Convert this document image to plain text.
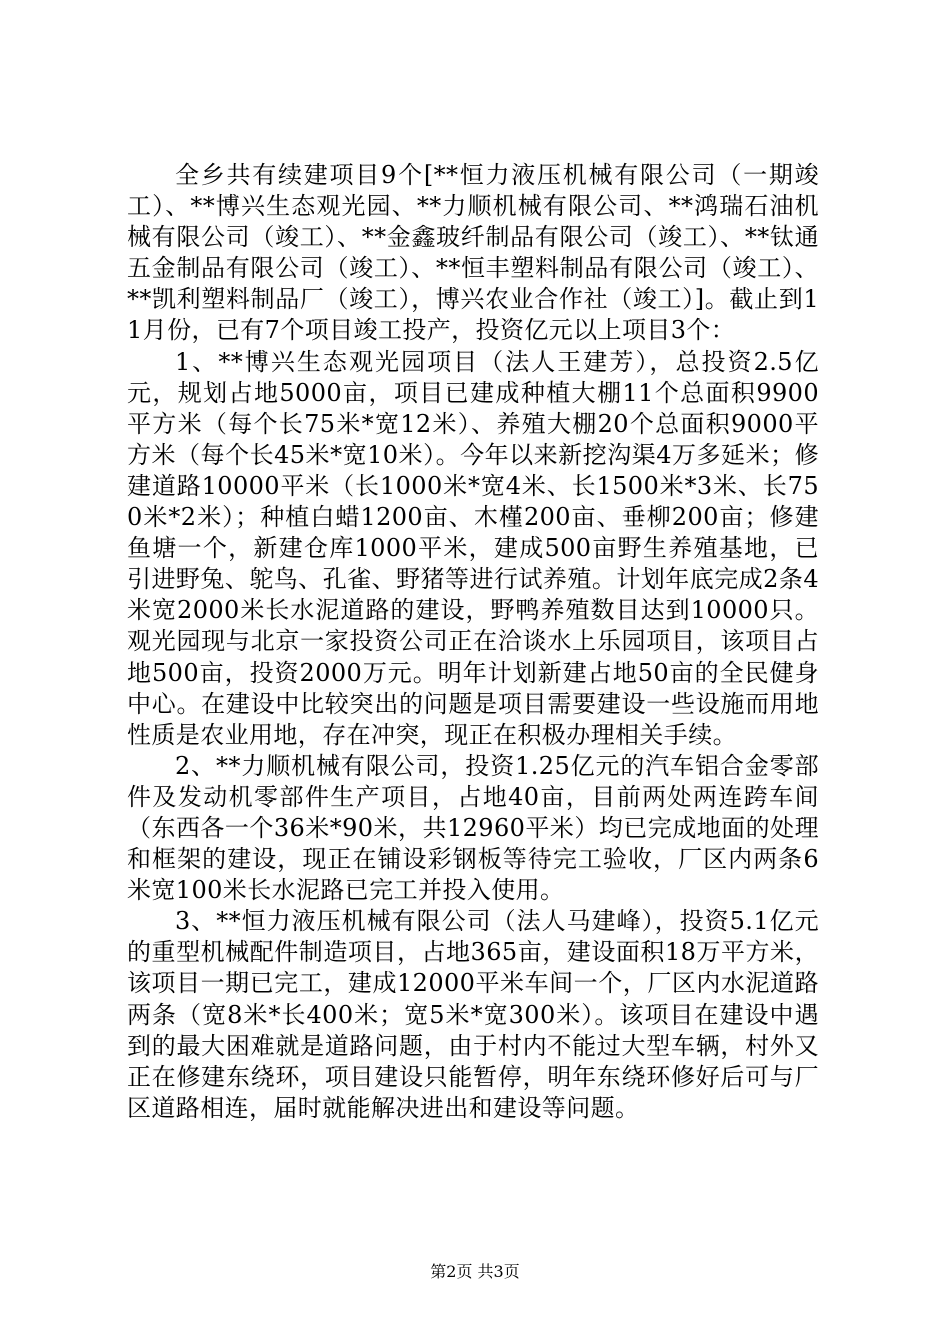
全乡共有续建项目9个[**恒力液压机械有限公司（一期竣工）、**博兴生态观光园、**力顺机械有限公司、**鸿瑞石油机械有限公司（竣工）、**金鑫玻纤制品有限公司（竣工）、**钛通五金制品有限公司（竣工）、**恒丰塑料制品有限公司（竣工）、**凯利塑料制品厂（竣工），博兴农业合作社（竣工）]。截止到11月份，已有7个项目竣工投产，投资亿元以上项目3个：

1、**博兴生态观光园项目（法人王建芳），总投资2.5亿元，规划占地5000亩，项目已建成种植大棚11个总面积9900平方米（每个长75米*宽12米）、养殖大棚20个总面积9000平方米（每个长45米*宽10米）。今年以来新挖沟渠4万多延米；修建道路10000平米（长1000米*宽4米、长1500米*3米、长750米*2米）；种植白蜡1200亩、木槿200亩、垂柳200亩；修建鱼塘一个，新建仓库1000平米，建成500亩野生养殖基地，已引进野兔、鸵鸟、孔雀、野猪等进行试养殖。计划年底完成2条4米宽2000米长水泥道路的建设，野鸭养殖数目达到10000只。观光园现与北京一家投资公司正在洽谈水上乐园项目，该项目占地500亩，投资2000万元。明年计划新建占地50亩的全民健身中心。在建设中比较突出的问题是项目需要建设一些设施而用地性质是农业用地，存在冲突，现正在积极办理相关手续。

2、**力顺机械有限公司，投资1.25亿元的汽车铝合金零部件及发动机零部件生产项目，占地40亩，目前两处两连跨车间（东西各一个36米*90米，共12960平米）均已完成地面的处理和框架的建设，现正在铺设彩钢板等待完工验收，厂区内两条6米宽100米长水泥路已完工并投入使用。

3、**恒力液压机械有限公司（法人马建峰），投资5.1亿元的重型机械配件制造项目，占地365亩，建设面积18万平方米，该项目一期已完工，建成12000平米车间一个，厂区内水泥道路两条（宽8米*长400米；宽5米*宽300米）。该项目在建设中遇到的最大困难就是道路问题，由于村内不能过大型车辆，村外又正在修建东绕环，项目建设只能暂停，明年东绕环修好后可与厂区道路相连，届时就能解决进出和建设等问题。

第2页 共3页
